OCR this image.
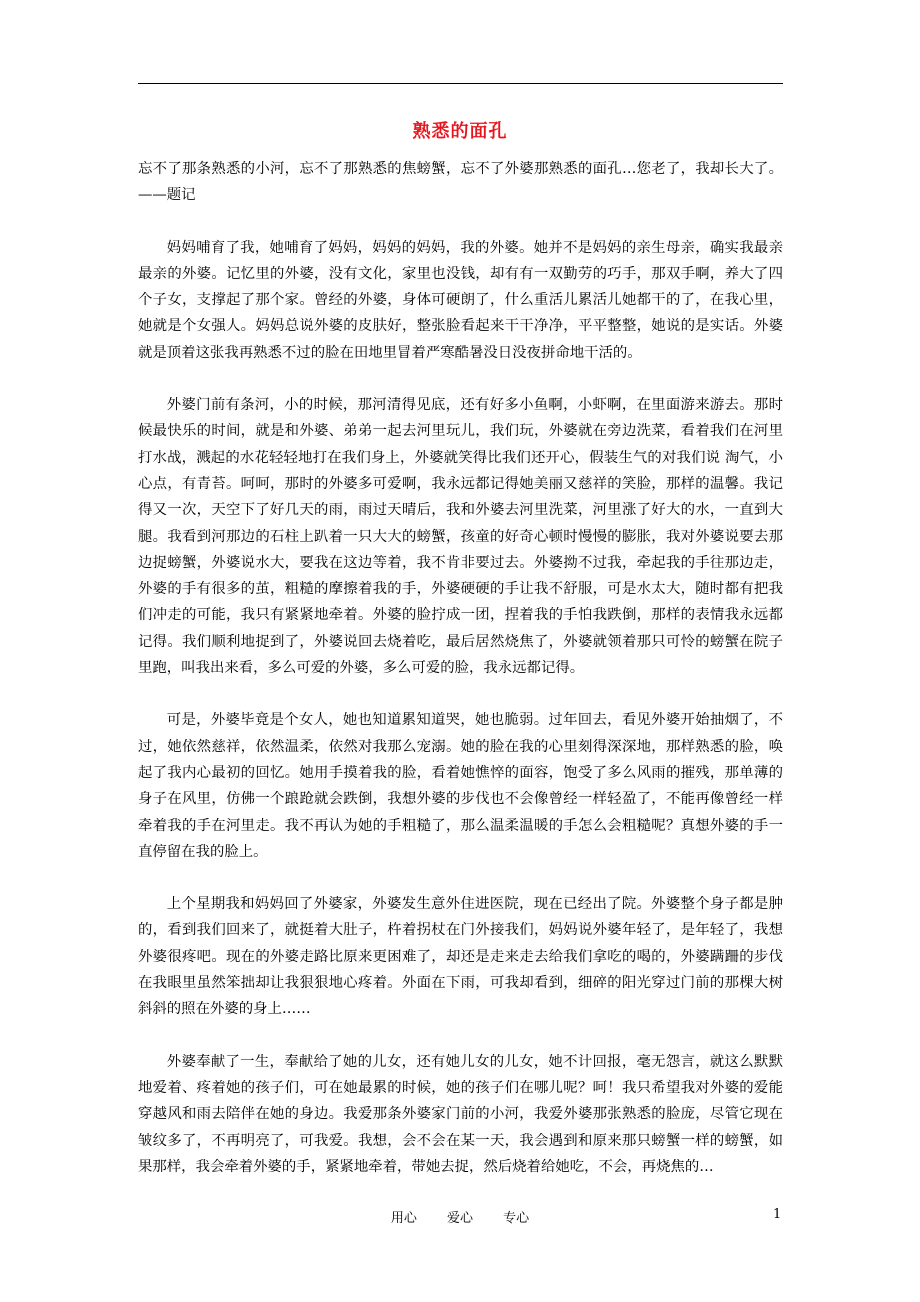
熟悉的面孔

忘不了那条熟悉的小河，忘不了那熟悉的焦螃蟹，忘不了外婆那熟悉的面孔…您老了，我却长大了。——题记

妈妈哺育了我，她哺育了妈妈，妈妈的妈妈，我的外婆。她并不是妈妈的亲生母亲，确实我最亲最亲的外婆。记忆里的外婆，没有文化，家里也没钱，却有有一双勤劳的巧手，那双手啊，养大了四个子女，支撑起了那个家。曾经的外婆，身体可硬朗了，什么重活儿累活儿她都干的了，在我心里，她就是个女强人。妈妈总说外婆的皮肤好，整张脸看起来干干净净，平平整整，她说的是实话。外婆就是顶着这张我再熟悉不过的脸在田地里冒着严寒酷暑没日没夜拼命地干活的。

外婆门前有条河，小的时候，那河清得见底，还有好多小鱼啊，小虾啊，在里面游来游去。那时候最快乐的时间，就是和外婆、弟弟一起去河里玩儿，我们玩，外婆就在旁边洗菜，看着我们在河里打水战，溅起的水花轻轻地打在我们身上，外婆就笑得比我们还开心，假装生气的对我们说 淘气，小心点，有青苔。呵呵，那时的外婆多可爱啊，我永远都记得她美丽又慈祥的笑脸，那样的温馨。我记得又一次，天空下了好几天的雨，雨过天晴后，我和外婆去河里洗菜，河里涨了好大的水，一直到大腿。我看到河那边的石柱上趴着一只大大的螃蟹，孩童的好奇心顿时慢慢的膨胀，我对外婆说要去那边捉螃蟹，外婆说水大，要我在这边等着，我不肯非要过去。外婆拗不过我，牵起我的手往那边走，外婆的手有很多的茧，粗糙的摩擦着我的手，外婆硬硬的手让我不舒服，可是水太大，随时都有把我们冲走的可能，我只有紧紧地牵着。外婆的脸拧成一团，捏着我的手怕我跌倒，那样的表情我永远都记得。我们顺利地捉到了，外婆说回去烧着吃，最后居然烧焦了，外婆就领着那只可怜的螃蟹在院子里跑，叫我出来看，多么可爱的外婆，多么可爱的脸，我永远都记得。

可是，外婆毕竟是个女人，她也知道累知道哭，她也脆弱。过年回去，看见外婆开始抽烟了，不过，她依然慈祥，依然温柔，依然对我那么宠溺。她的脸在我的心里刻得深深地，那样熟悉的脸，唤起了我内心最初的回忆。她用手摸着我的脸，看着她憔悴的面容，饱受了多么风雨的摧残，那单薄的身子在风里，仿佛一个踉跄就会跌倒，我想外婆的步伐也不会像曾经一样轻盈了，不能再像曾经一样牵着我的手在河里走。我不再认为她的手粗糙了，那么温柔温暖的手怎么会粗糙呢？真想外婆的手一直停留在我的脸上。

上个星期我和妈妈回了外婆家，外婆发生意外住进医院，现在已经出了院。外婆整个身子都是肿的，看到我们回来了，就挺着大肚子，杵着拐杖在门外接我们，妈妈说外婆年轻了，是年轻了，我想外婆很疼吧。现在的外婆走路比原来更困难了，却还是走来走去给我们拿吃的喝的，外婆蹒跚的步伐在我眼里虽然笨拙却让我狠狠地心疼着。外面在下雨，可我却看到，细碎的阳光穿过门前的那棵大树斜斜的照在外婆的身上……

外婆奉献了一生，奉献给了她的儿女，还有她儿女的儿女，她不计回报，毫无怨言，就这么默默地爱着、疼着她的孩子们，可在她最累的时候，她的孩子们在哪儿呢？呵！我只希望我对外婆的爱能穿越风和雨去陪伴在她的身边。我爱那条外婆家门前的小河，我爱外婆那张熟悉的脸庞，尽管它现在皱纹多了，不再明亮了，可我爱。我想，会不会在某一天，我会遇到和原来那只螃蟹一样的螃蟹，如果那样，我会牵着外婆的手，紧紧地牵着，带她去捉，然后烧着给她吃，不会，再烧焦的…

用心 爱心 专心	1
